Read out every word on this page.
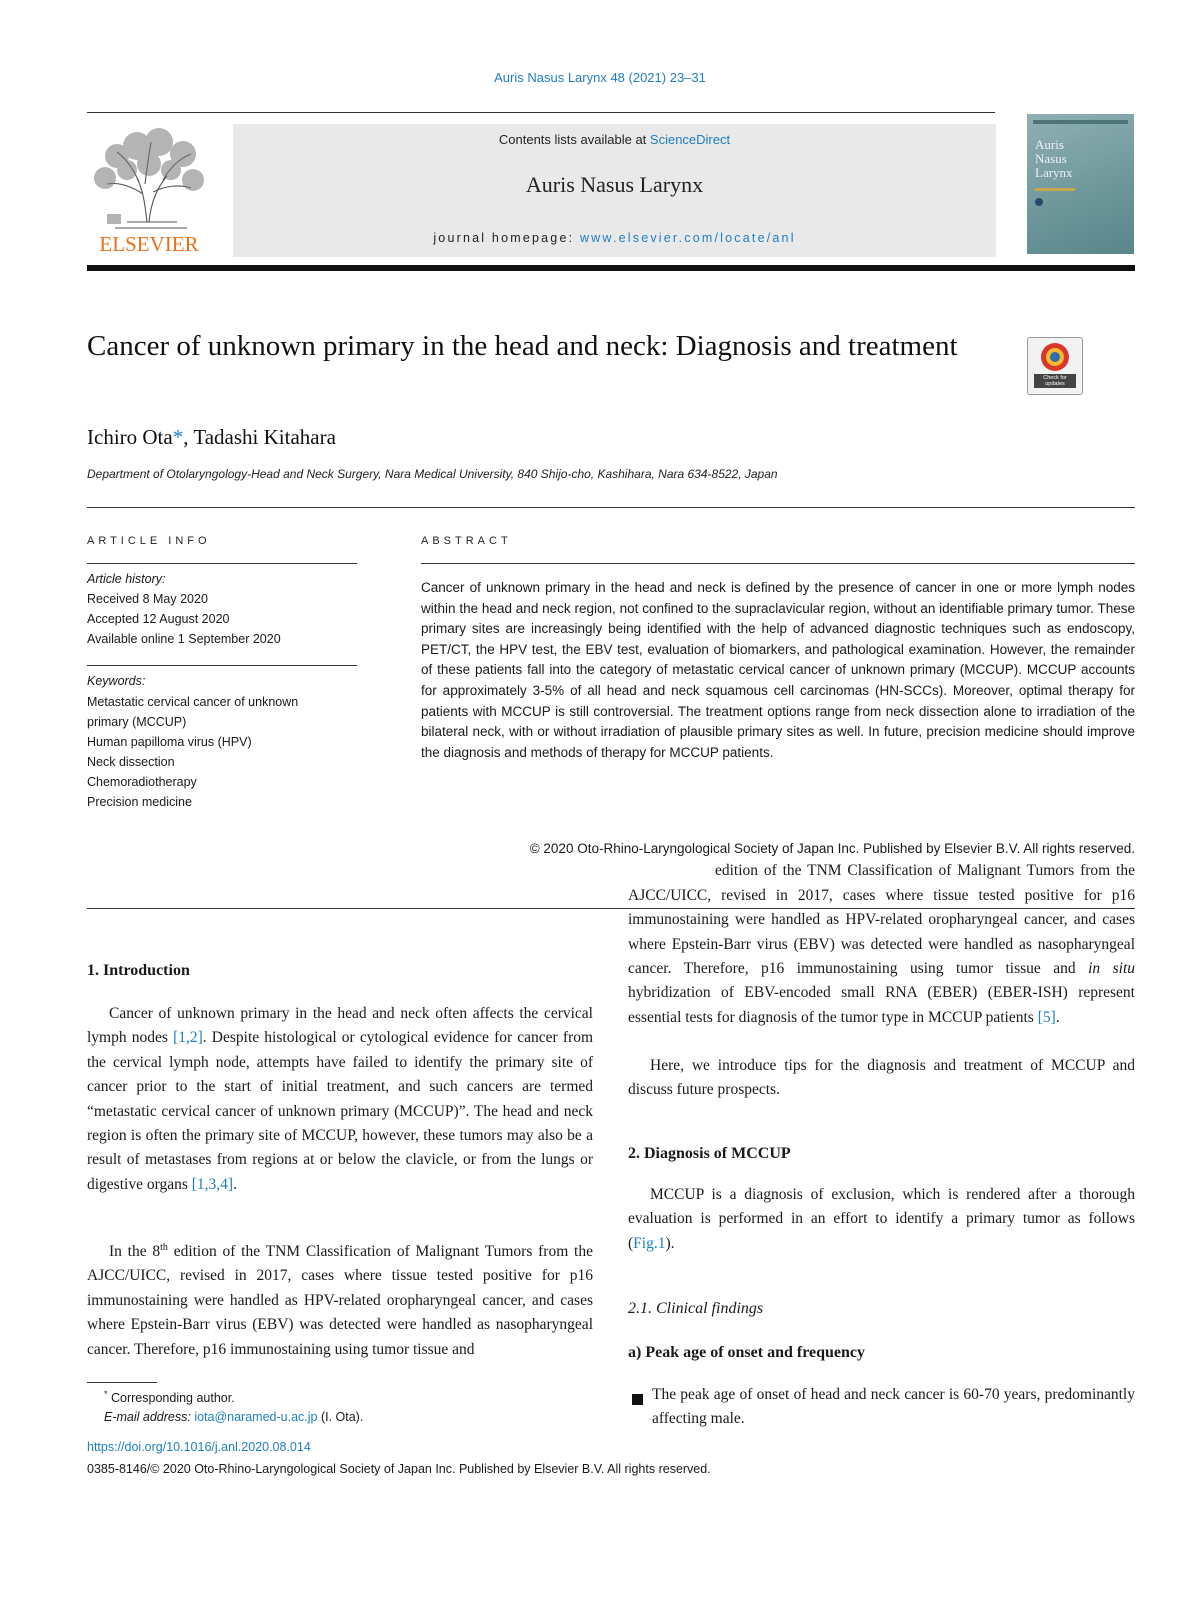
Auris Nasus Larynx 48 (2021) 23–31
ELSEVIER
Contents lists available at ScienceDirect
Auris Nasus Larynx
journal homepage: www.elsevier.com/locate/anl
Auris
Nasus
Larynx
Cancer of unknown primary in the head and neck: Diagnosis and treatment
Check for updates
Ichiro Ota*, Tadashi Kitahara
Department of Otolaryngology-Head and Neck Surgery, Nara Medical University, 840 Shijo-cho, Kashihara, Nara 634-8522, Japan
ARTICLE INFO
Article history:
Received 8 May 2020
Accepted 12 August 2020
Available online 1 September 2020
Keywords:
Metastatic cervical cancer of unknown
primary (MCCUP)
Human papilloma virus (HPV)
Neck dissection
Chemoradiotherapy
Precision medicine
ABSTRACT
Cancer of unknown primary in the head and neck is defined by the presence of cancer in one or more lymph nodes within the head and neck region, not confined to the supraclavicular region, without an identifiable primary tumor. These primary sites are increasingly being identified with the help of advanced diagnostic techniques such as endoscopy, PET/CT, the HPV test, the EBV test, evaluation of biomarkers, and pathological examination. However, the remainder of these patients fall into the category of metastatic cervical cancer of unknown primary (MCCUP). MCCUP accounts for approximately 3-5% of all head and neck squamous cell carcinomas (HN-SCCs). Moreover, optimal therapy for patients with MCCUP is still controversial. The treatment options range from neck dissection alone to irradiation of the bilateral neck, with or without irradiation of plausible primary sites as well. In future, precision medicine should improve the diagnosis and methods of therapy for MCCUP patients.
© 2020 Oto-Rhino-Laryngological Society of Japan Inc. Published by Elsevier B.V. All rights reserved.
1. Introduction
Cancer of unknown primary in the head and neck often affects the cervical lymph nodes [1,2]. Despite histological or cytological evidence for cancer from the cervical lymph node, attempts have failed to identify the primary site of cancer prior to the start of initial treatment, and such cancers are termed “metastatic cervical cancer of unknown primary (MCCUP)”. The head and neck region is often the primary site of MCCUP, however, these tumors may also be a result of metastases from regions at or below the clavicle, or from the lungs or digestive organs [1,3,4].
In the 8th edition of the TNM Classification of Malignant Tumors from the AJCC/UICC, revised in 2017, cases where tissue tested positive for p16 immunostaining were handled as HPV-related oropharyngeal cancer, and cases where Epstein-Barr virus (EBV) was detected were handled as nasopharyngeal cancer. Therefore, p16 immunostaining using tumor tissue and
edition of the TNM Classification of Malignant Tumors from the AJCC/UICC, revised in 2017, cases where tissue tested positive for p16 immunostaining were handled as HPV-related oropharyngeal cancer, and cases where Epstein-Barr virus (EBV) was detected were handled as nasopharyngeal cancer. Therefore, p16 immunostaining using tumor tissue and in situ hybridization of EBV-encoded small RNA (EBER) (EBER-ISH) represent essential tests for diagnosis of the tumor type in MCCUP patients [5].
Here, we introduce tips for the diagnosis and treatment of MCCUP and discuss future prospects.
2. Diagnosis of MCCUP
MCCUP is a diagnosis of exclusion, which is rendered after a thorough evaluation is performed in an effort to identify a primary tumor as follows (Fig.1).
2.1. Clinical findings
a) Peak age of onset and frequency
The peak age of onset of head and neck cancer is 60-70 years, predominantly affecting male.
* Corresponding author.
E-mail address: iota@naramed-u.ac.jp (I. Ota).
https://doi.org/10.1016/j.anl.2020.08.014
0385-8146/© 2020 Oto-Rhino-Laryngological Society of Japan Inc. Published by Elsevier B.V. All rights reserved.
